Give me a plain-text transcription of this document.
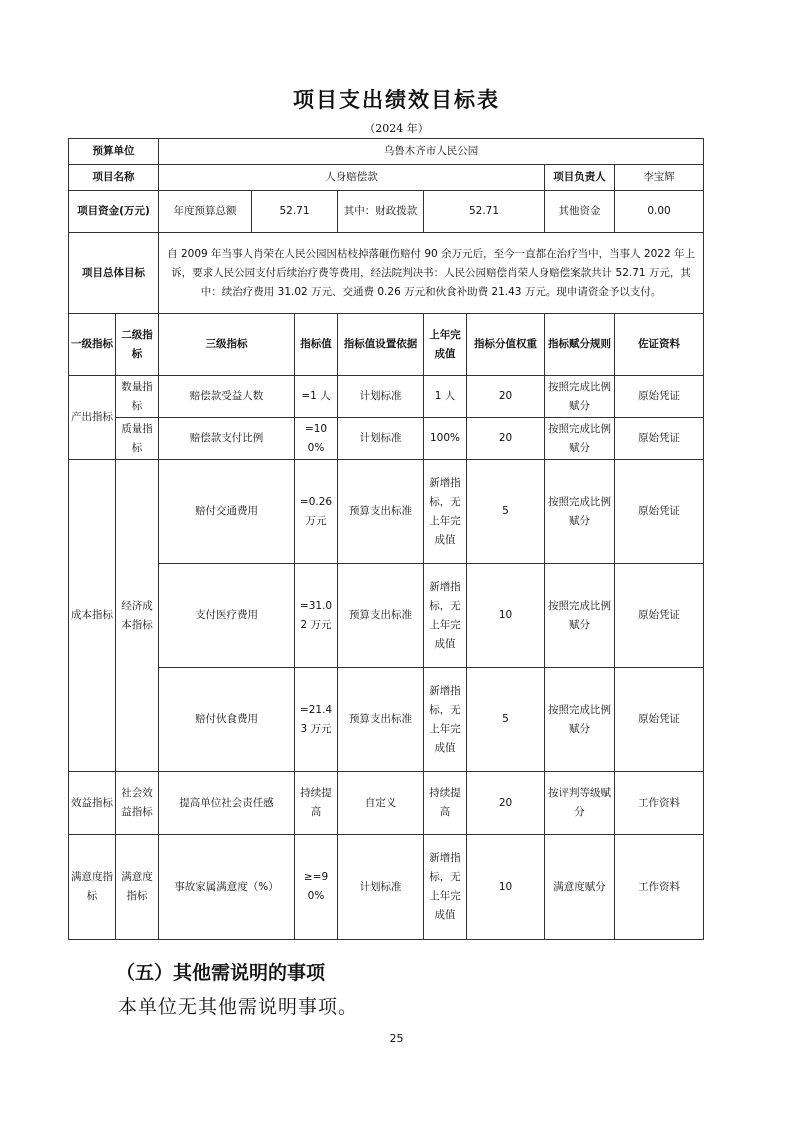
项目支出绩效目标表
（2024 年）
预算单位		乌鲁木齐市人民公园							
项目名称		人身赔偿款						项目负责人	李宝辉
项目资金(万元)		年度预算总额	52.71		其中：财政拨款	52.71		其他资金	0.00
项目总体目标		自 2009 年当事人肖荣在人民公园因枯枝掉落砸伤赔付 90 余万元后，至今一直都在治疗当中，当事人 2022 年上诉，要求人民公园支付后续治疗费等费用，经法院判决书：人民公园赔偿肖荣人身赔偿案款共计 52.71 万元，其中：续治疗费用 31.02 万元、交通费 0.26 万元和伙食补助费 21.43 万元。现申请资金予以支付。							
一级指标	二级指标	三级指标		指标值	指标值设置依据	上年完成值	指标分值权重	指标赋分规则	佐证资料
产出指标	数量指标	赔偿款受益人数		=1 人	计划标准	1 人	20	按照完成比例赋分	原始凭证
	质量指标	赔偿款支付比例		=100%	计划标准	100%	20	按照完成比例赋分	原始凭证
成本指标	经济成本指标	赔付交通费用		=0.26 万元	预算支出标准	新增指标，无上年完成值	5	按照完成比例赋分	原始凭证
		支付医疗费用		=31.02 万元	预算支出标准	新增指标，无上年完成值	10	按照完成比例赋分	原始凭证
		赔付伙食费用		=21.43 万元	预算支出标准	新增指标，无上年完成值	5	按照完成比例赋分	原始凭证
效益指标	社会效益指标	提高单位社会责任感		持续提高	自定义	持续提高	20	按评判等级赋分	工作资料
满意度指标	满意度指标	事故家属满意度（%）		≥=90%	计划标准	新增指标，无上年完成值	10	满意度赋分	工作资料
（五）其他需说明的事项
本单位无其他需说明事项。
25
